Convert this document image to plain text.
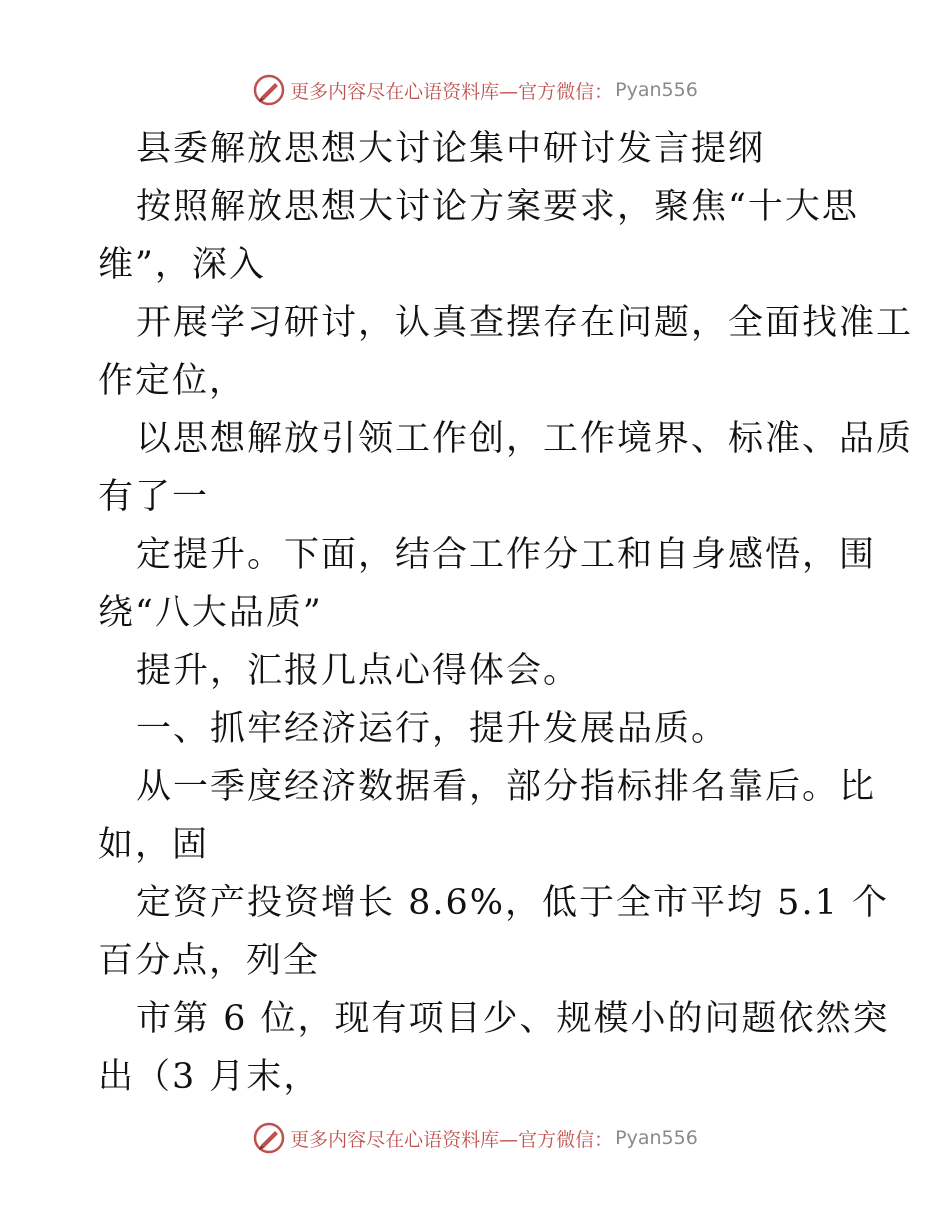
更多内容尽在心语资料库—官方微信： Pyan556
县委解放思想大讨论集中研讨发言提纲
按照解放思想大讨论方案要求，聚焦“十大思
维”，深入
开展学习研讨，认真查摆存在问题，全面找准工
作定位，
以思想解放引领工作创，工作境界、标准、品质
有了一
定提升。下面，结合工作分工和自身感悟，围
绕“八大品质”
提升，汇报几点心得体会。
一、抓牢经济运行，提升发展品质。
从一季度经济数据看，部分指标排名靠后。比
如，固
定资产投资增长 8.6%，低于全市平均 5.1 个
百分点，列全
市第 6 位，现有项目少、规模小的问题依然突
出（3 月末，
更多内容尽在心语资料库—官方微信： Pyan556
